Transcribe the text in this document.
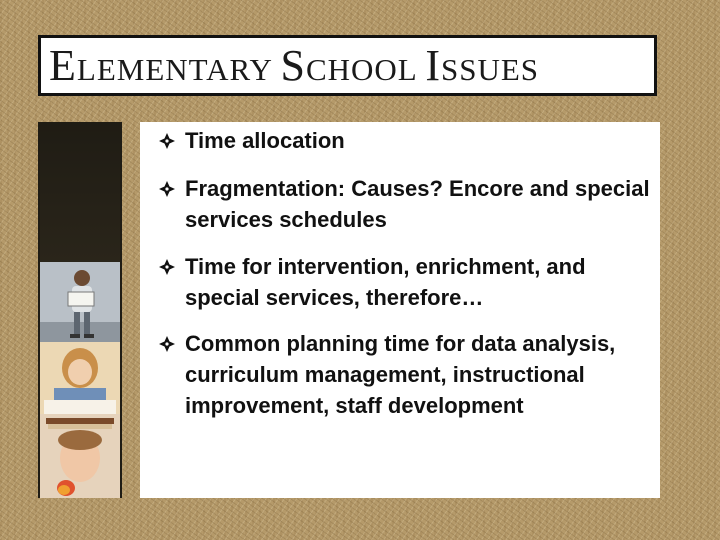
ELEMENTARY SCHOOL ISSUES
Time allocation
Fragmentation: Causes? Encore and special services schedules
Time for intervention, enrichment, and special services, therefore…
Common planning time for data analysis, curriculum management, instructional improvement, staff development
